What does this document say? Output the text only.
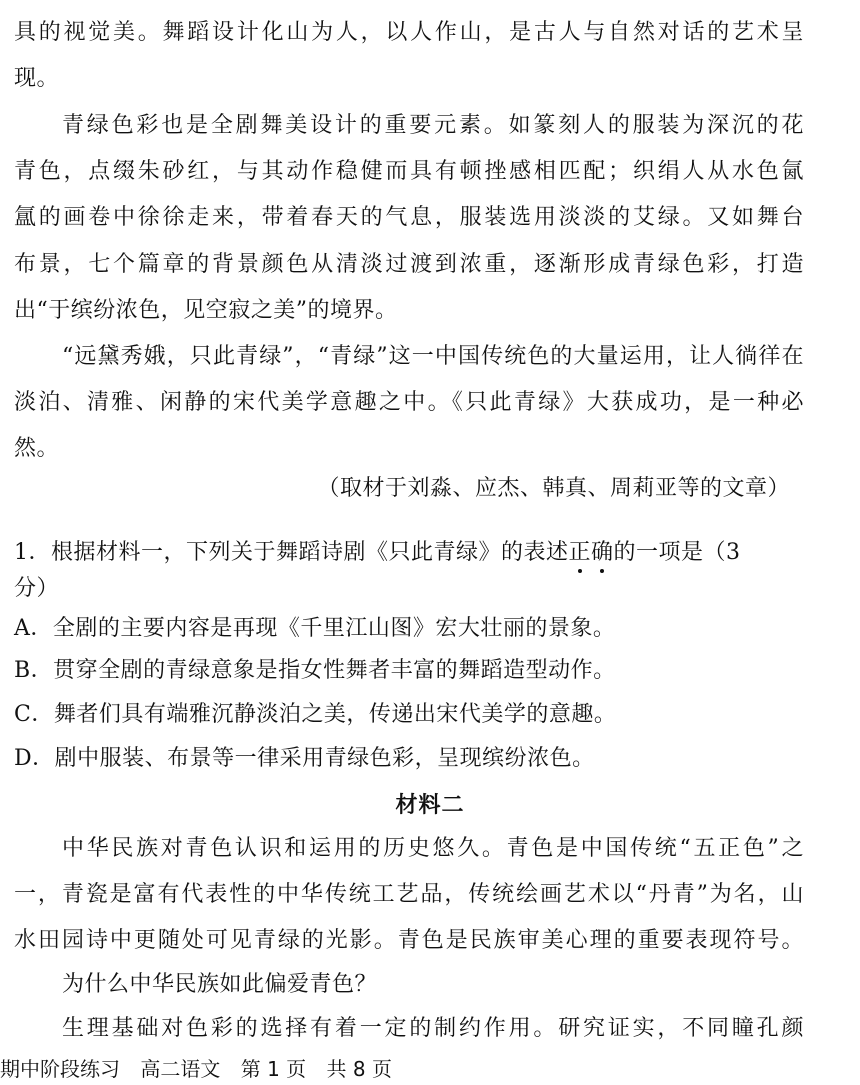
具的视觉美。舞蹈设计化山为人，以人作山，是古人与自然对话的艺术呈
现。
青绿色彩也是全剧舞美设计的重要元素。如篆刻人的服装为深沉的花
青色，点缀朱砂红，与其动作稳健而具有顿挫感相匹配；织绢人从水色氤
氲的画卷中徐徐走来，带着春天的气息，服装选用淡淡的艾绿。又如舞台
布景，七个篇章的背景颜色从清淡过渡到浓重，逐渐形成青绿色彩，打造
出“于缤纷浓色，见空寂之美”的境界。
“远黛秀娥，只此青绿”，“青绿”这一中国传统色的大量运用，让人徜徉在
淡泊、清雅、闲静的宋代美学意趣之中。《只此青绿》大获成功，是一种必
然。
（取材于刘淼、应杰、韩真、周莉亚等的文章）
1．根据材料一，下列关于舞蹈诗剧《只此青绿》的表述正确
的一项是（3
分）
A．全剧的主要内容是再现《千里江山图》宏大壮丽的景象。
B．贯穿全剧的青绿意象是指女性舞者丰富的舞蹈造型动作。
C．舞者们具有端雅沉静淡泊之美，传递出宋代美学的意趣。
D．剧中服装、布景等一律采用青绿色彩，呈现缤纷浓色。
材料二
中华民族对青色认识和运用的历史悠久。青色是中国传统“五正色”之
一，青瓷是富有代表性的中华传统工艺品，传统绘画艺术以“丹青”为名，山
水田园诗中更随处可见青绿的光影。青色是民族审美心理的重要表现符号。
为什么中华民族如此偏爱青色？
生理基础对色彩的选择有着一定的制约作用。研究证实，不同瞳孔颜
期中阶段练习 高二语文 第 1 页 共 8 页
